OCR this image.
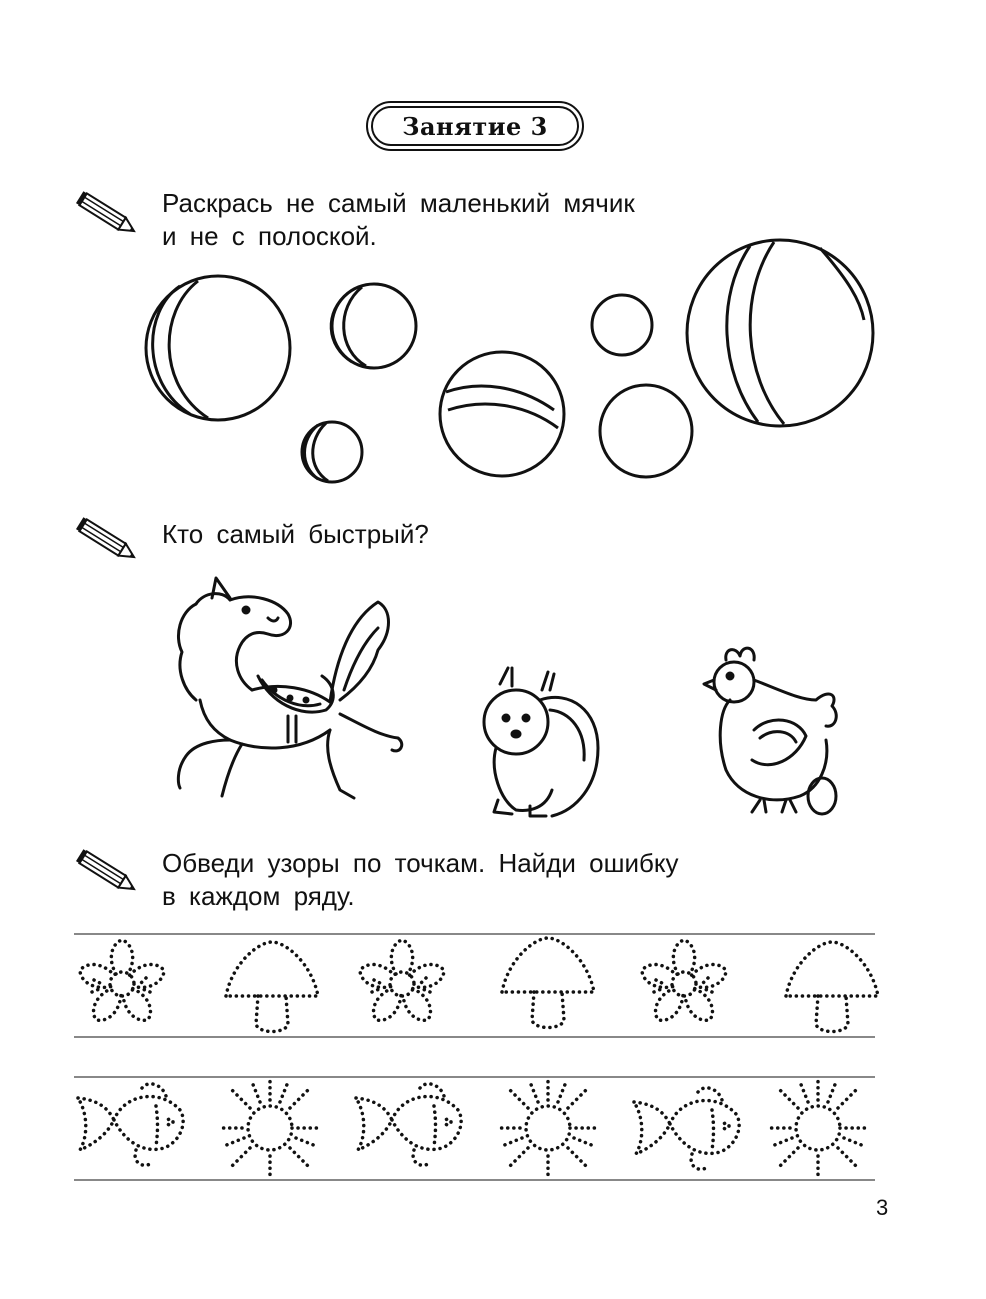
Занятие 3
Раскрась не самый маленький мячик
и не с полоской.
Кто самый быстрый?
Обведи узоры по точкам. Найди ошибку
в каждом ряду.
3
